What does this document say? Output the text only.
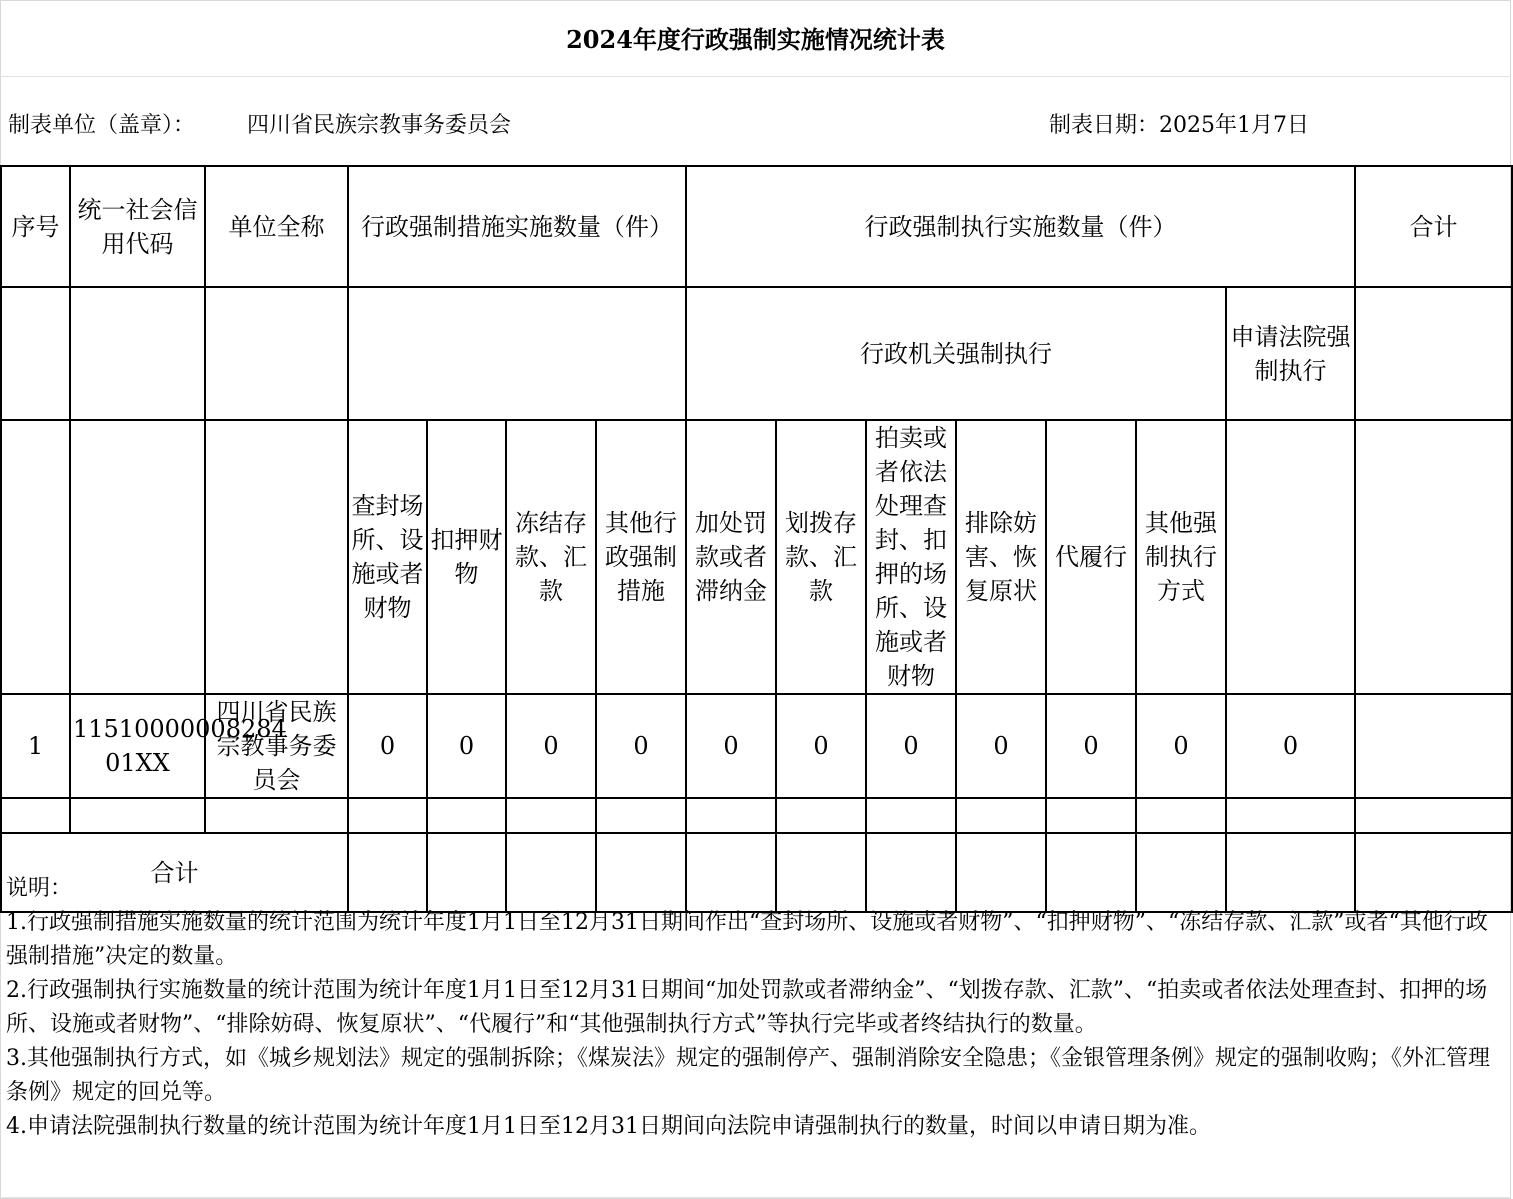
2024年度行政强制实施情况统计表
制表单位（盖章）： 四川省民族宗教事务委员会	制表日期：2025年1月7日
序号	统一社会信用代码	单位全称	行政强制措施实施数量（件）				行政强制执行实施数量（件）							合计
							行政机关强制执行						申请法院强制执行	
			查封场所、设施或者财物	扣押财物	冻结存款、汇款	其他行政强制措施	加处罚款或者滞纳金	划拨存款、汇款	拍卖或者依法处理查封、扣押的场所、设施或者财物	排除妨害、恢复原状	代履行	其他强制执行方式		
1	11510000008284 01XX	四川省民族宗教事务委员会	0	0	0	0	0	0	0	0	0	0	0	

合计														

说明：

1.行政强制措施实施数量的统计范围为统计年度1月1日至12月31日期间作出“查封场所、设施或者财物”、“扣押财物”、“冻结存款、汇款”或者“其他行政强制措施”决定的数量。

2.行政强制执行实施数量的统计范围为统计年度1月1日至12月31日期间“加处罚款或者滞纳金”、“划拨存款、汇款”、“拍卖或者依法处理查封、扣押的场所、设施或者财物”、“排除妨碍、恢复原状”、“代履行”和“其他强制执行方式”等执行完毕或者终结执行的数量。

3.其他强制执行方式，如《城乡规划法》规定的强制拆除；《煤炭法》规定的强制停产、强制消除安全隐患；《金银管理条例》规定的强制收购；《外汇管理条例》规定的回兑等。

4.申请法院强制执行数量的统计范围为统计年度1月1日至12月31日期间向法院申请强制执行的数量，时间以申请日期为准。
